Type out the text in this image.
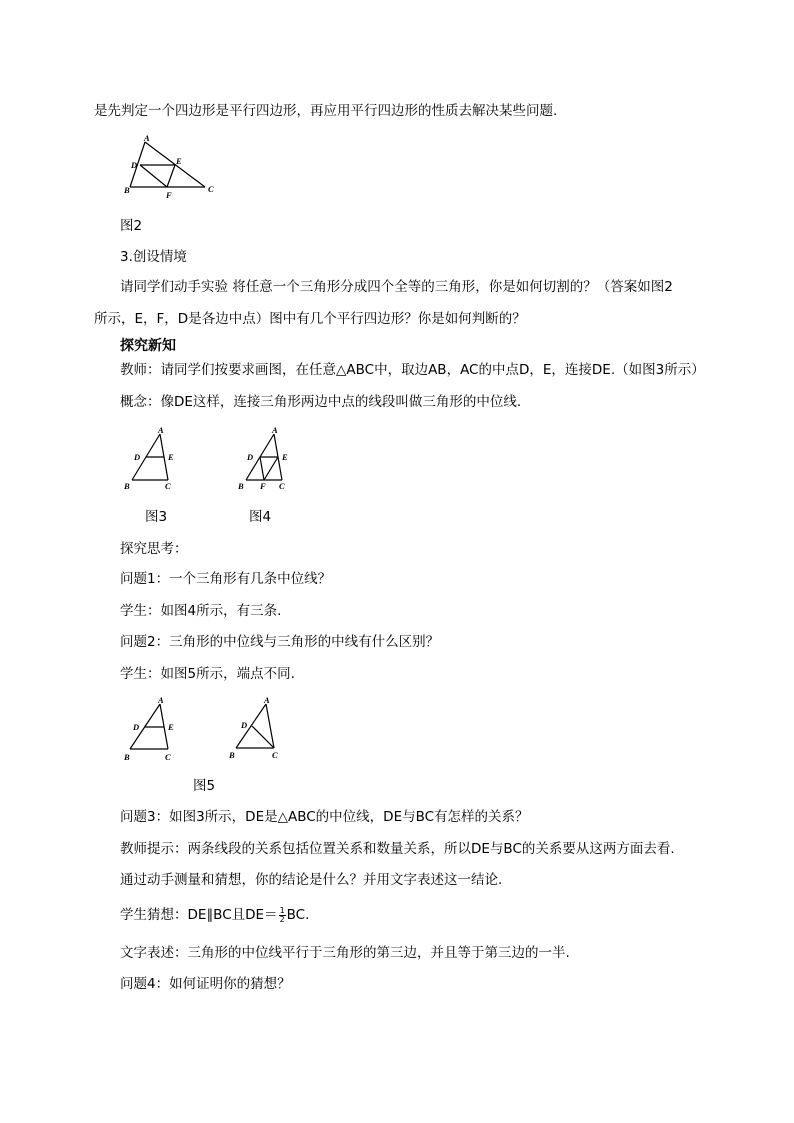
是先判定一个四边形是平行四边形，再应用平行四边形的性质去解决某些问题.
A
D	E
B	F
C
图2
3.创设情境
请同学们动手实验 将任意一个三角形分成四个全等的三角形，你是如何切割的？（答案如图2
所示，E，F，D是各边中点）图中有几个平行四边形？你是如何判断的？
探究新知
教师：请同学们按要求画图，在任意△ABC中，取边AB，AC的中点D，E，连接DE.（如图3所示）
概念：像DE这样，连接三角形两边中点的线段叫做三角形的中位线.
A
D	E
B	C
图3
A
D	E
B F C
图4
探究思考：
问题1：一个三角形有几条中位线？
学生：如图4所示，有三条.
问题2：三角形的中位线与三角形的中线有什么区别？
学生：如图5所示，端点不同.
A
D	E
B	C
A
D
B	C
图5
问题3：如图3所示，DE是△ABC的中位线，DE与BC有怎样的关系？
教师提示：两条线段的关系包括位置关系和数量关系，所以DE与BC的关系要从这两方面去看.
通过动手测量和猜想，你的结论是什么？并用文字表述这一结论.
学生猜想：DE∥BC且$DE= \frac{1}{2}$ BC.
文字表述：三角形的中位线平行于三角形的第三边，并且等于第三边的一半.
问题4：如何证明你的猜想？
